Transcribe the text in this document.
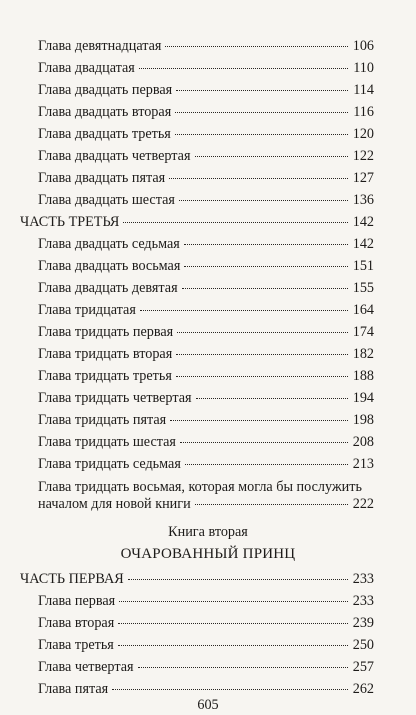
Глава девятнадцатая	106
Глава двадцатая	110
Глава двадцать первая	114
Глава двадцать вторая	116
Глава двадцать третья	120
Глава двадцать четвертая	122
Глава двадцать пятая	127
Глава двадцать шестая	136
ЧАСТЬ ТРЕТЬЯ	142
Глава двадцать седьмая	142
Глава двадцать восьмая	151
Глава двадцать девятая	155
Глава тридцатая	164
Глава тридцать первая	174
Глава тридцать вторая	182
Глава тридцать третья	188
Глава тридцать четвертая	194
Глава тридцать пятая	198
Глава тридцать шестая	208
Глава тридцать седьмая	213
Глава тридцать восьмая, которая могла бы послужить
началом для новой книги	222
Книга вторая
ОЧАРОВАННЫЙ ПРИНЦ
ЧАСТЬ ПЕРВАЯ	233
Глава первая	233
Глава вторая	239
Глава третья	250
Глава четвертая	257
Глава пятая	262
605
